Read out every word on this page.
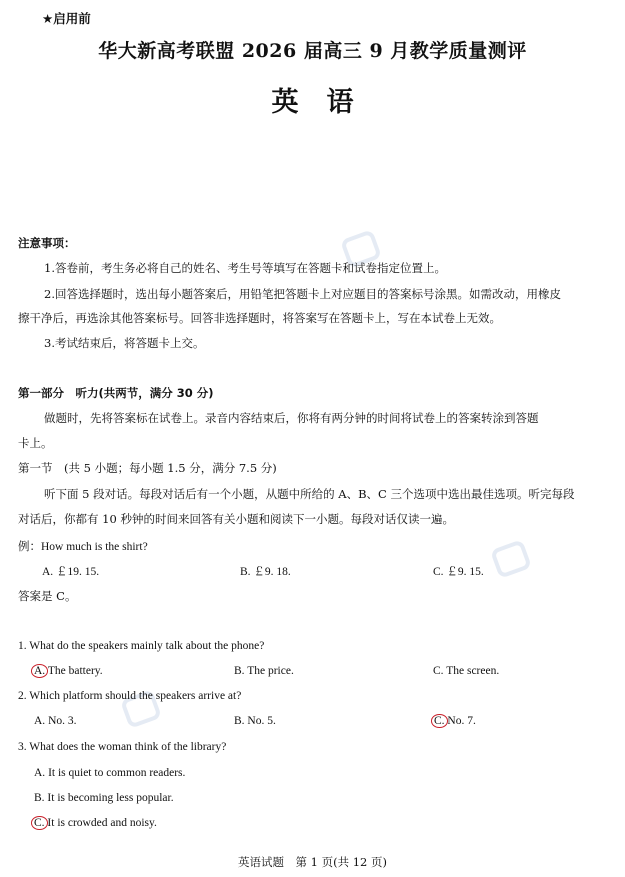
★启用前
华大新高考联盟 2026 届高三 9 月教学质量测评
英语
注意事项：
1.答卷前，考生务必将自己的姓名、考生号等填写在答题卡和试卷指定位置上。
2.回答选择题时，选出每小题答案后，用铅笔把答题卡上对应题目的答案标号涂黑。如需改动，用橡皮
擦干净后，再选涂其他答案标号。回答非选择题时，将答案写在答题卡上，写在本试卷上无效。
3.考试结束后，将答题卡上交。
第一部分　听力(共两节，满分 30 分)
做题时，先将答案标在试卷上。录音内容结束后，你将有两分钟的时间将试卷上的答案转涂到答题
卡上。
第一节　(共 5 小题；每小题 1.5 分，满分 7.5 分)
听下面 5 段对话。每段对话后有一个小题，从题中所给的 A、B、C 三个选项中选出最佳选项。听完每段
对话后，你都有 10 秒钟的时间来回答有关小题和阅读下一小题。每段对话仅读一遍。
例：How much is the shirt?
A. ￡19. 15.	B. ￡9. 18.	C. ￡9. 15.
答案是 C。
1. What do the speakers mainly talk about the phone?
A. The battery.	B. The price.	C. The screen.
2. Which platform should the speakers arrive at?
A. No. 3.	B. No. 5.	C. No. 7.
3. What does the woman think of the library?
A. It is quiet to common readers.
B. It is becoming less popular.
C. It is crowded and noisy.
英语试题　第 1 页(共 12 页)
